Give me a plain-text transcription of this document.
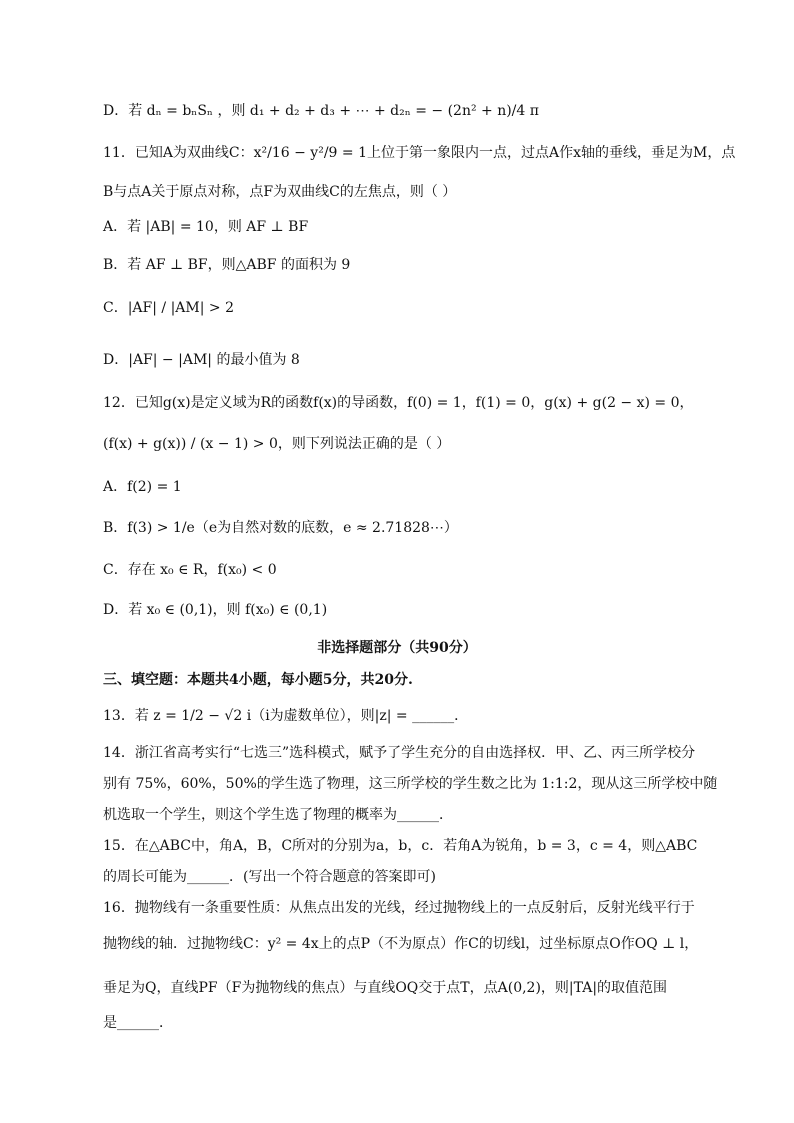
D．若 dₙ = bₙSₙ ，则 d₁ + d₂ + d₃ + ⋯ + d₂ₙ = − (2n² + n)/4 π
11．已知A为双曲线C：x²/16 − y²/9 = 1上位于第一象限内一点，过点A作x轴的垂线，垂足为M，点
B与点A关于原点对称，点F为双曲线C的左焦点，则（ ）
A．若 |AB| = 10，则 AF ⊥ BF
B．若 AF ⊥ BF，则△ABF 的面积为 9
C．|AF| / |AM| > 2
D．|AF| − |AM| 的最小值为 8
12．已知g(x)是定义域为R的函数f(x)的导函数，f(0) = 1，f(1) = 0，g(x) + g(2 − x) = 0，
(f(x) + g(x)) / (x − 1) > 0，则下列说法正确的是（ ）
A．f(2) = 1
B．f(3) > 1/e（e为自然对数的底数，e ≈ 2.71828⋯）
C．存在 x₀ ∈ R，f(x₀) < 0
D．若 x₀ ∈ (0,1)，则 f(x₀) ∈ (0,1)
非选择题部分（共90分）
三、填空题：本题共4小题，每小题5分，共20分.
13．若 z = 1/2 − √2 i（i为虚数单位），则|z| = ______．
14．浙江省高考实行“七选三”选科模式，赋予了学生充分的自由选择权．甲、乙、丙三所学校分
别有 75%，60%，50%的学生选了物理，这三所学校的学生数之比为 1:1:2，现从这三所学校中随
机选取一个学生，则这个学生选了物理的概率为______．
15．在△ABC中，角A，B，C所对的分别为a，b，c．若角A为锐角，b = 3，c = 4，则△ABC
的周长可能为______．(写出一个符合题意的答案即可)
16．抛物线有一条重要性质：从焦点出发的光线，经过抛物线上的一点反射后，反射光线平行于
抛物线的轴．过抛物线C：y² = 4x上的点P（不为原点）作C的切线l，过坐标原点O作OQ ⊥ l，
垂足为Q，直线PF（F为抛物线的焦点）与直线OQ交于点T，点A(0,2)，则|TA|的取值范围
是______．
